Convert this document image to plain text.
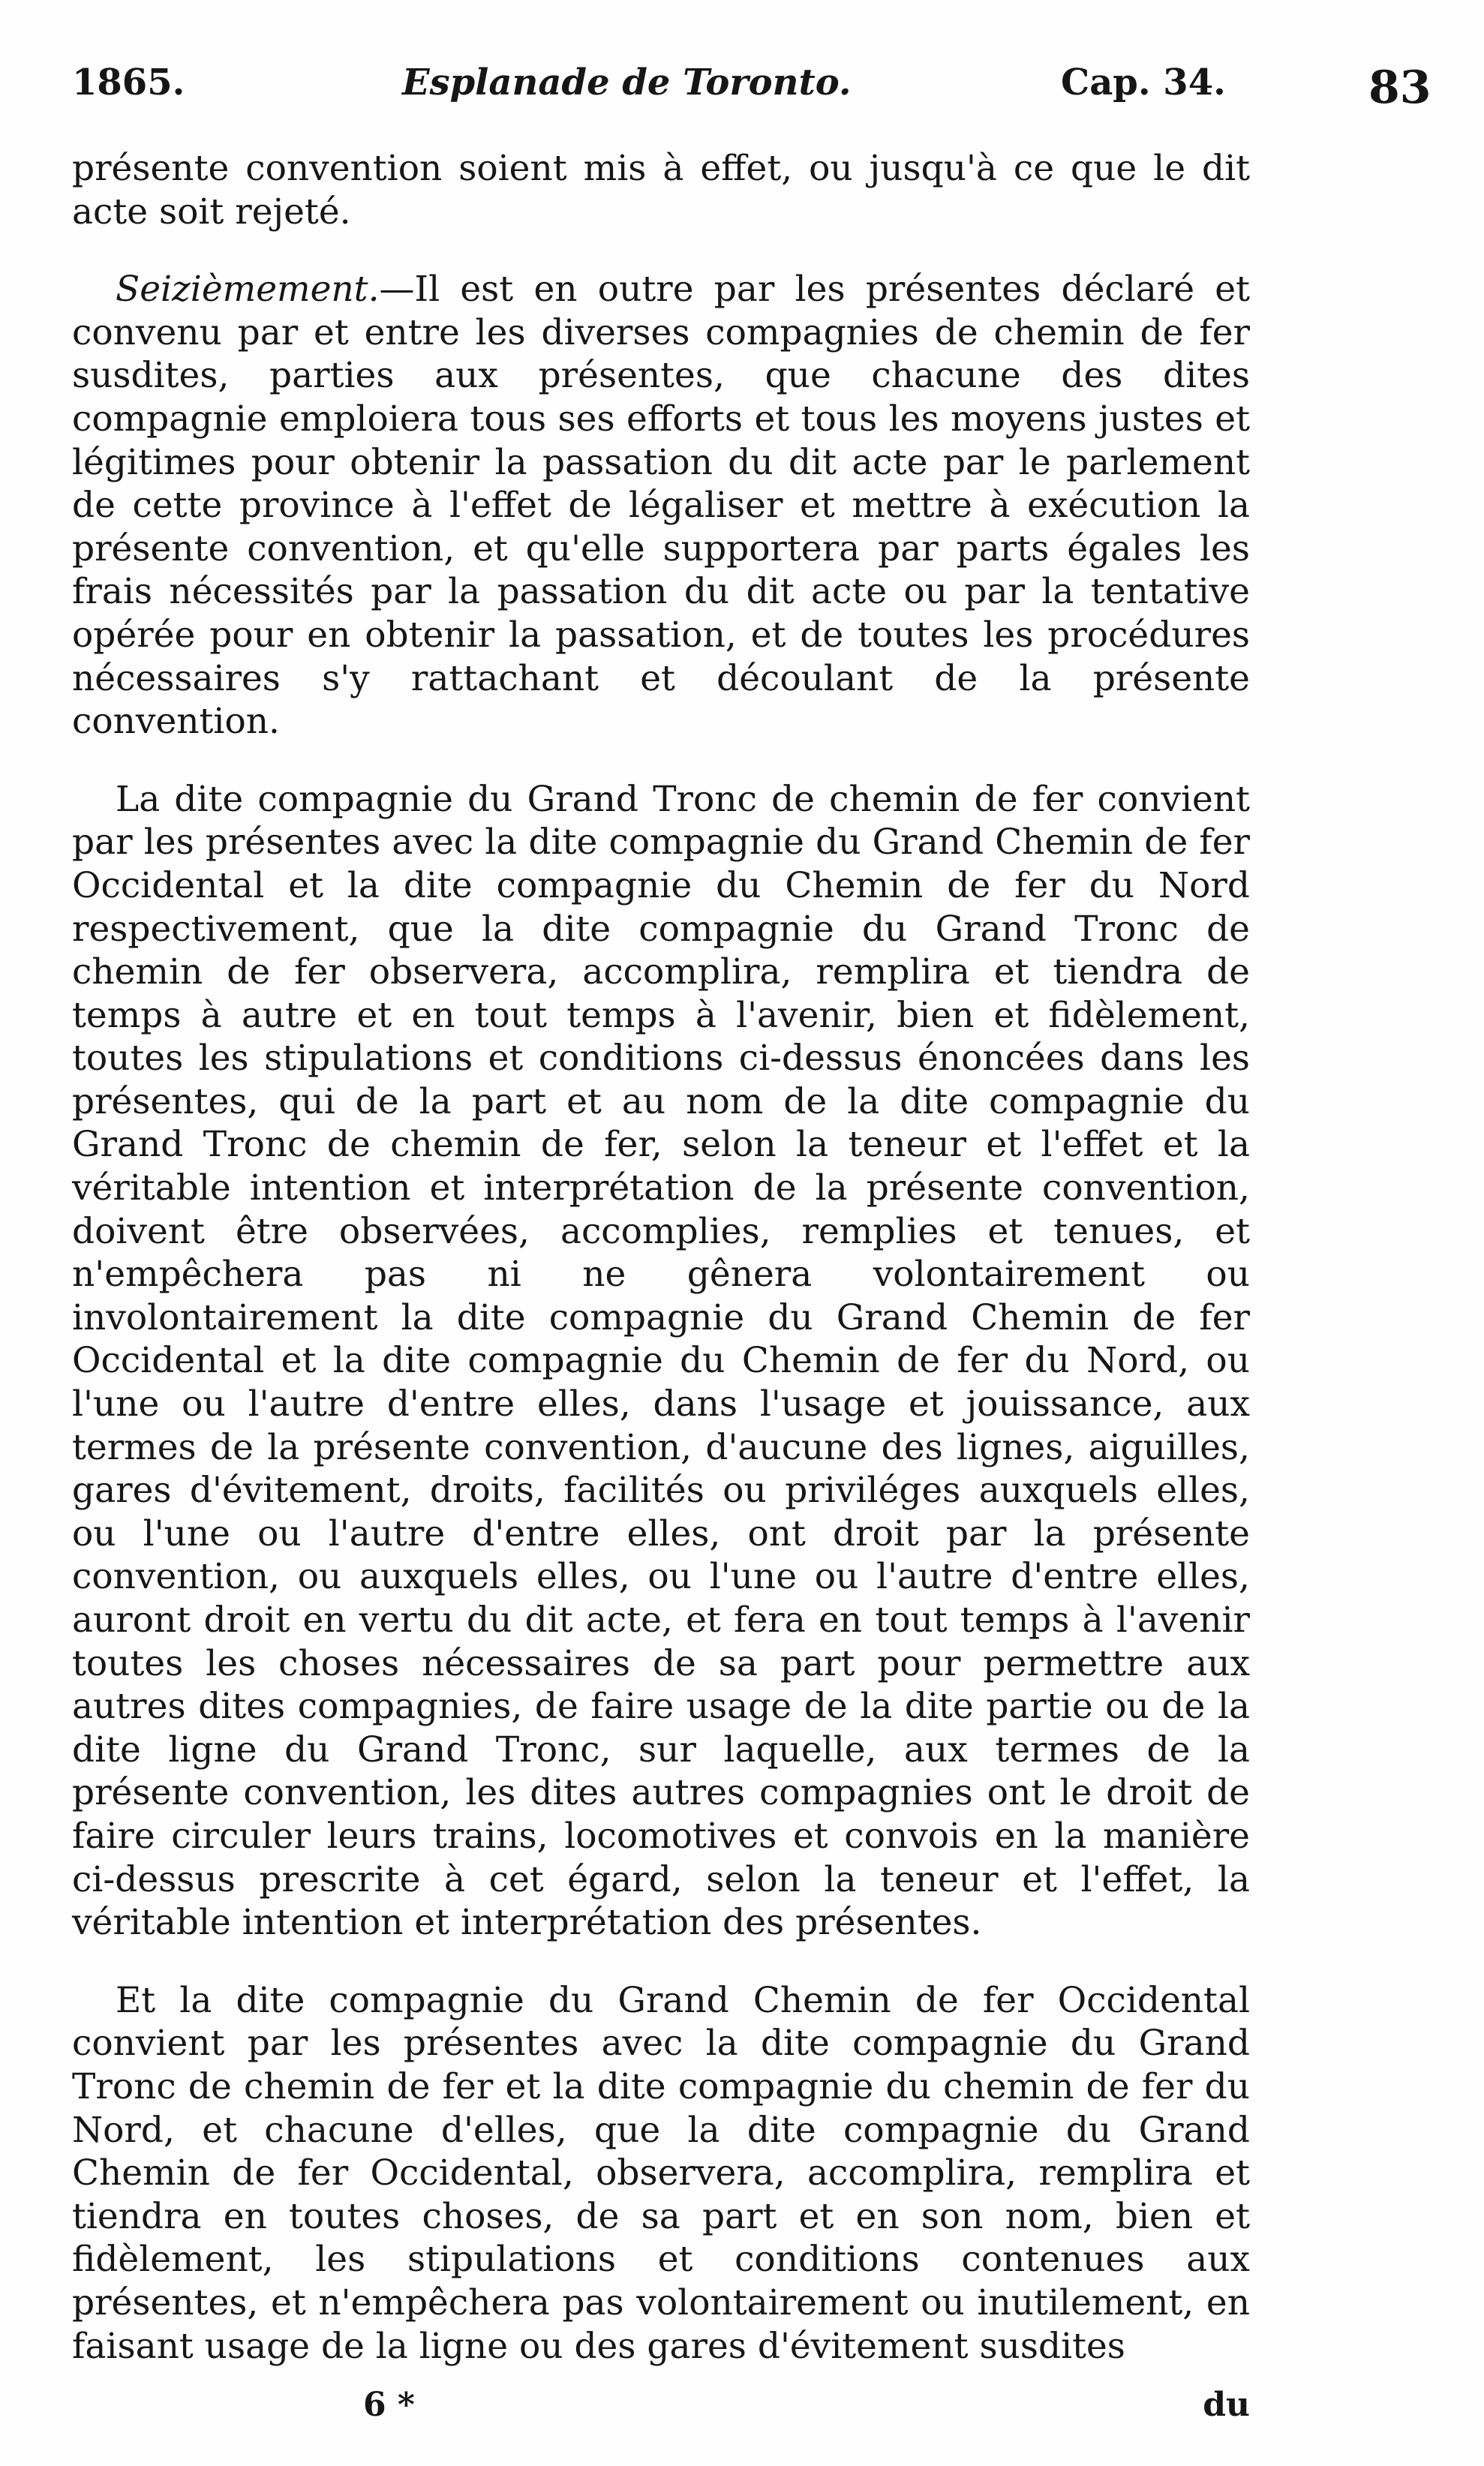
1865.	Esplanade de Toronto.	Cap. 34.	83

présente convention soient mis à effet, ou jusqu'à ce que le dit acte soit rejeté.

Seizièmement.—Il est en outre par les présentes déclaré et convenu par et entre les diverses compagnies de chemin de fer susdites, parties aux présentes, que chacune des dites compagnie emploiera tous ses efforts et tous les moyens justes et légitimes pour obtenir la passation du dit acte par le parlement de cette province à l'effet de légaliser et mettre à exécution la présente convention, et qu'elle supportera par parts égales les frais nécessités par la passation du dit acte ou par la tentative opérée pour en obtenir la passation, et de toutes les procédures nécessaires s'y rattachant et découlant de la présente convention.

La dite compagnie du Grand Tronc de chemin de fer convient par les présentes avec la dite compagnie du Grand Chemin de fer Occidental et la dite compagnie du Chemin de fer du Nord respectivement, que la dite compagnie du Grand Tronc de chemin de fer observera, accomplira, remplira et tiendra de temps à autre et en tout temps à l'avenir, bien et fidèlement, toutes les stipulations et conditions ci-dessus énoncées dans les présentes, qui de la part et au nom de la dite compagnie du Grand Tronc de chemin de fer, selon la teneur et l'effet et la véritable intention et interprétation de la présente convention, doivent être observées, accomplies, remplies et tenues, et n'empêchera pas ni ne gênera volontairement ou involontairement la dite compagnie du Grand Chemin de fer Occidental et la dite compagnie du Chemin de fer du Nord, ou l'une ou l'autre d'entre elles, dans l'usage et jouissance, aux termes de la présente convention, d'aucune des lignes, aiguilles, gares d'évitement, droits, facilités ou priviléges auxquels elles, ou l'une ou l'autre d'entre elles, ont droit par la présente convention, ou auxquels elles, ou l'une ou l'autre d'entre elles, auront droit en vertu du dit acte, et fera en tout temps à l'avenir toutes les choses nécessaires de sa part pour permettre aux autres dites compagnies, de faire usage de la dite partie ou de la dite ligne du Grand Tronc, sur laquelle, aux termes de la présente convention, les dites autres compagnies ont le droit de faire circuler leurs trains, locomotives et convois en la manière ci-dessus prescrite à cet égard, selon la teneur et l'effet, la véritable intention et interprétation des présentes.

Et la dite compagnie du Grand Chemin de fer Occidental convient par les présentes avec la dite compagnie du Grand Tronc de chemin de fer et la dite compagnie du chemin de fer du Nord, et chacune d'elles, que la dite compagnie du Grand Chemin de fer Occidental, observera, accomplira, remplira et tiendra en toutes choses, de sa part et en son nom, bien et fidèlement, les stipulations et conditions contenues aux présentes, et n'empêchera pas volontairement ou inutilement, en faisant usage de la ligne ou des gares d'évitement susdites

6 *	du
